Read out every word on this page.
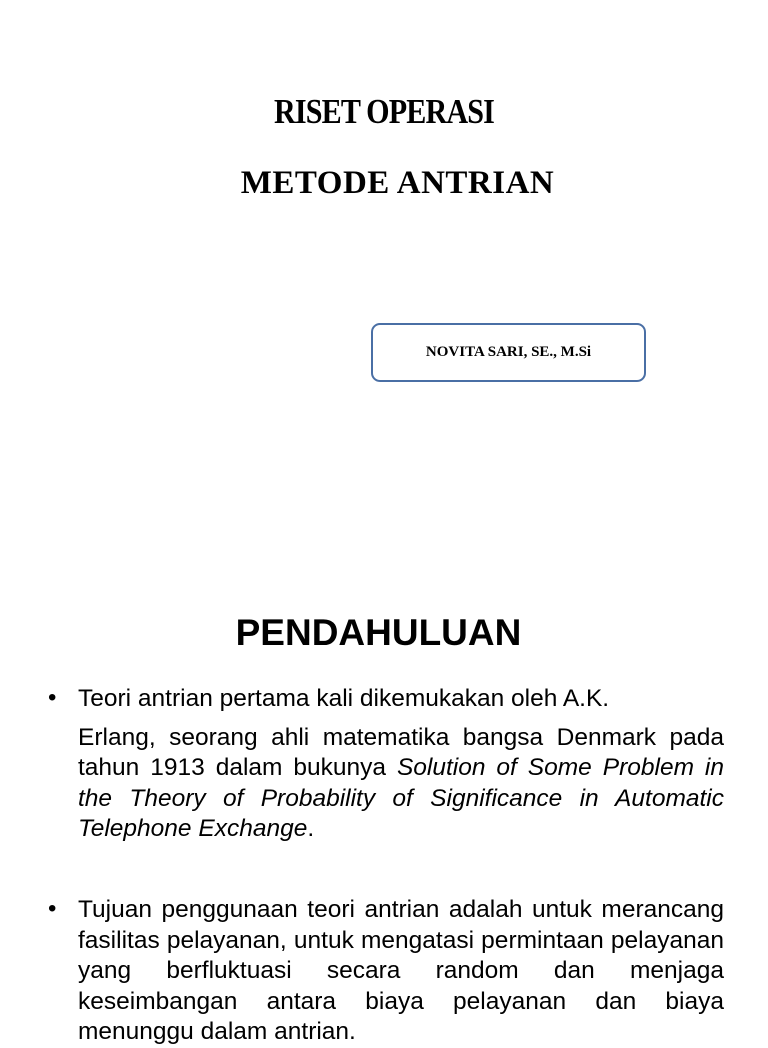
RISET OPERASI
METODE ANTRIAN
NOVITA SARI, SE., M.Si
PENDAHULUAN
• Teori antrian pertama kali dikemukakan oleh A.K.
Erlang, seorang ahli matematika bangsa Denmark pada tahun 1913 dalam bukunya Solution of Some Problem in the Theory of Probability of Significance in Automatic Telephone Exchange.
• Tujuan penggunaan teori antrian adalah untuk merancang fasilitas pelayanan, untuk mengatasi permintaan pelayanan yang berfluktuasi secara random dan menjaga keseimbangan antara biaya pelayanan dan biaya menunggu dalam antrian.
